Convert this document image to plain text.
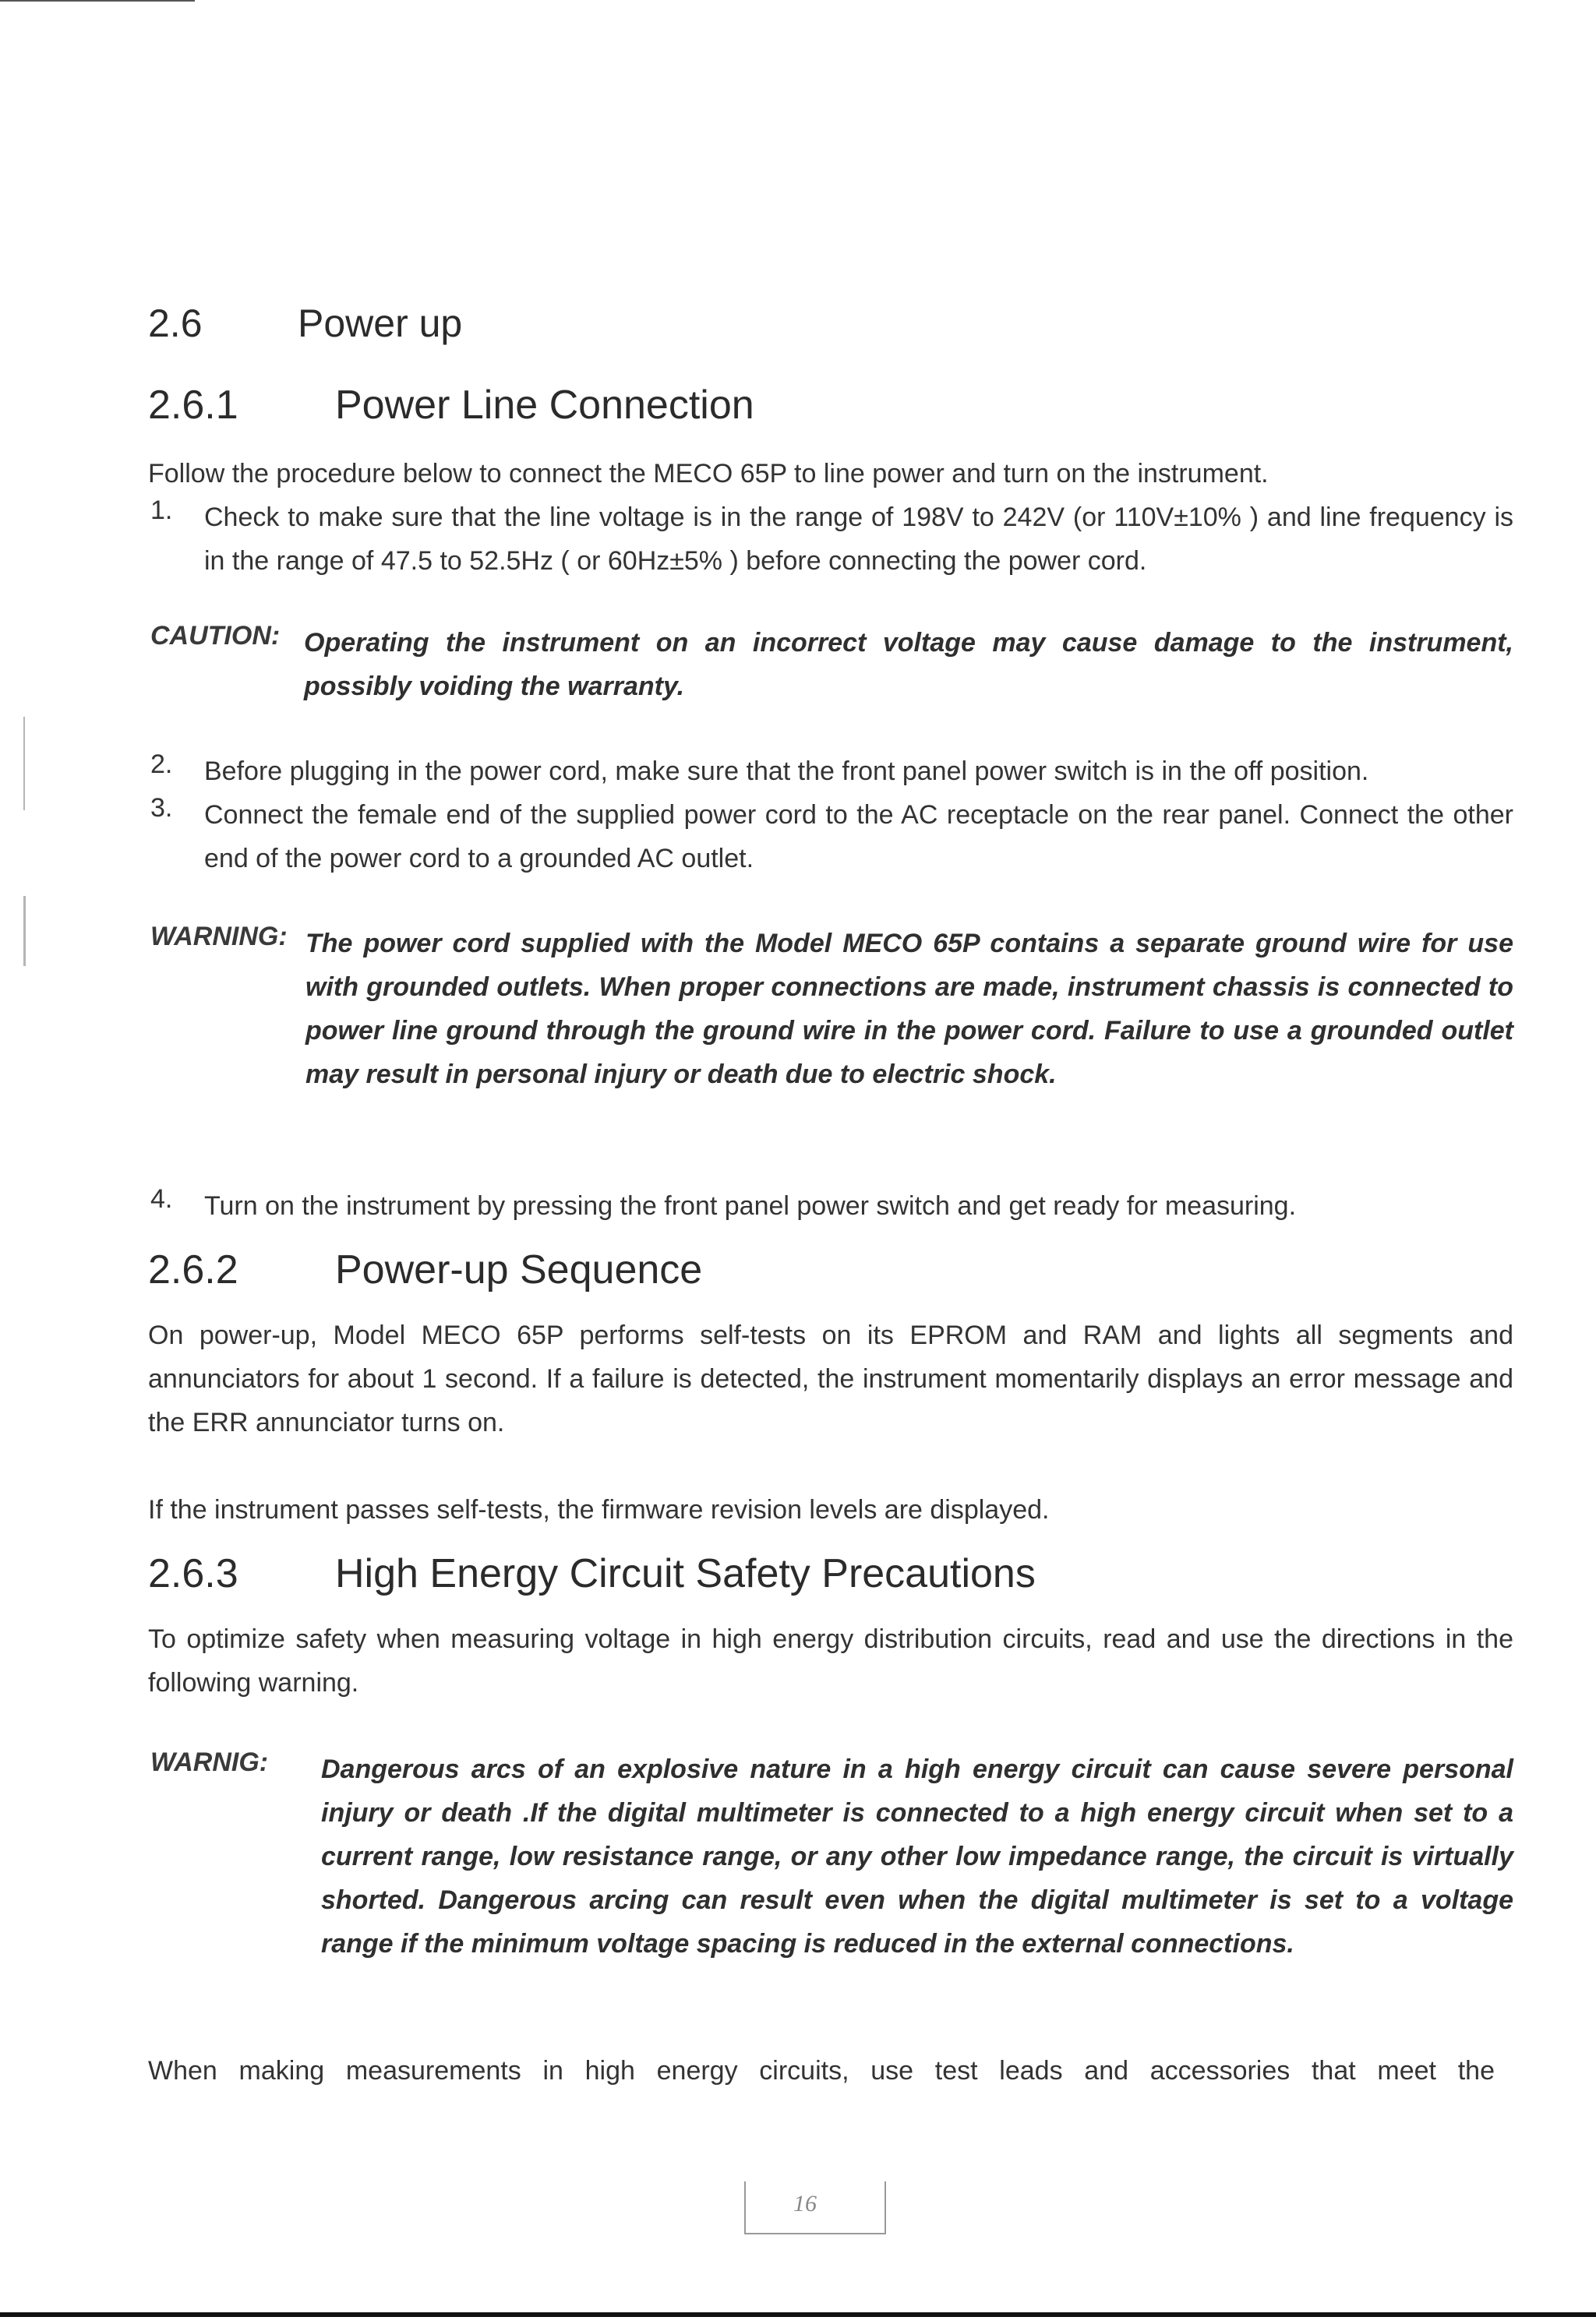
2.6 Power up
2.6.1 Power Line Connection
Follow the procedure below to connect the MECO 65P to line power and turn on the instrument.
1. Check to make sure that the line voltage is in the range of 198V to 242V (or 110V±10% ) and line frequency is in the range of 47.5 to 52.5Hz ( or 60Hz±5% ) before connecting the power cord.
CAUTION: Operating the instrument on an incorrect voltage may cause damage to the instrument, possibly voiding the warranty.
2. Before plugging in the power cord, make sure that the front panel power switch is in the off position.
3. Connect the female end of the supplied power cord to the AC receptacle on the rear panel. Connect the other end of the power cord to a grounded AC outlet.
WARNING: The power cord supplied with the Model MECO 65P contains a separate ground wire for use with grounded outlets. When proper connections are made, instrument chassis is connected to power line ground through the ground wire in the power cord. Failure to use a grounded outlet may result in personal injury or death due to electric shock.
4. Turn on the instrument by pressing the front panel power switch and get ready for measuring.
2.6.2 Power-up Sequence
On power-up, Model MECO 65P performs self-tests on its EPROM and RAM and lights all segments and annunciators for about 1 second. If a failure is detected, the instrument momentarily displays an error message and the ERR annunciator turns on.
If the instrument passes self-tests, the firmware revision levels are displayed.
2.6.3 High Energy Circuit Safety Precautions
To optimize safety when measuring voltage in high energy distribution circuits, read and use the directions in the following warning.
WARNIG: Dangerous arcs of an explosive nature in a high energy circuit can cause severe personal injury or death .If the digital multimeter is connected to a high energy circuit when set to a current range, low resistance range, or any other low impedance range, the circuit is virtually shorted. Dangerous arcing can result even when the digital multimeter is set to a voltage range if the minimum voltage spacing is reduced in the external connections.
When making measurements in high energy circuits, use test leads and accessories that meet the
16
